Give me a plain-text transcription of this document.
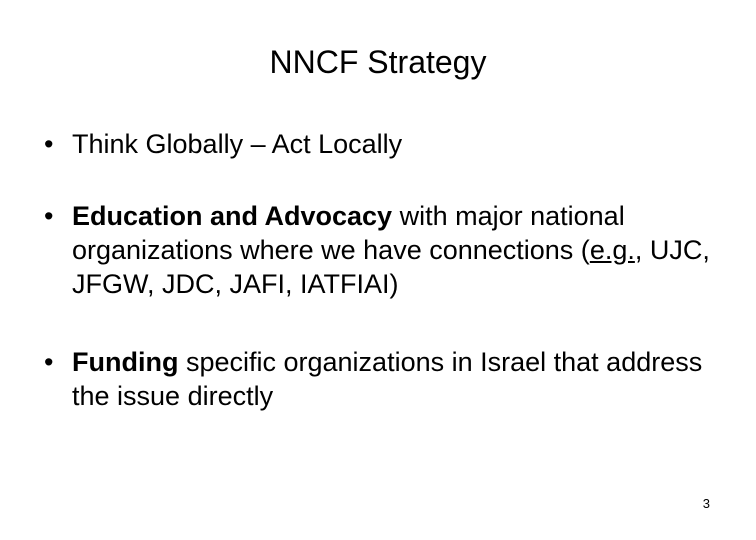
NNCF Strategy
• Think Globally – Act Locally
• Education and Advocacy with major national organizations where we have connections (e.g., UJC, JFGW, JDC, JAFI, IATFIAI)
• Funding specific organizations in Israel that address the issue directly
3
